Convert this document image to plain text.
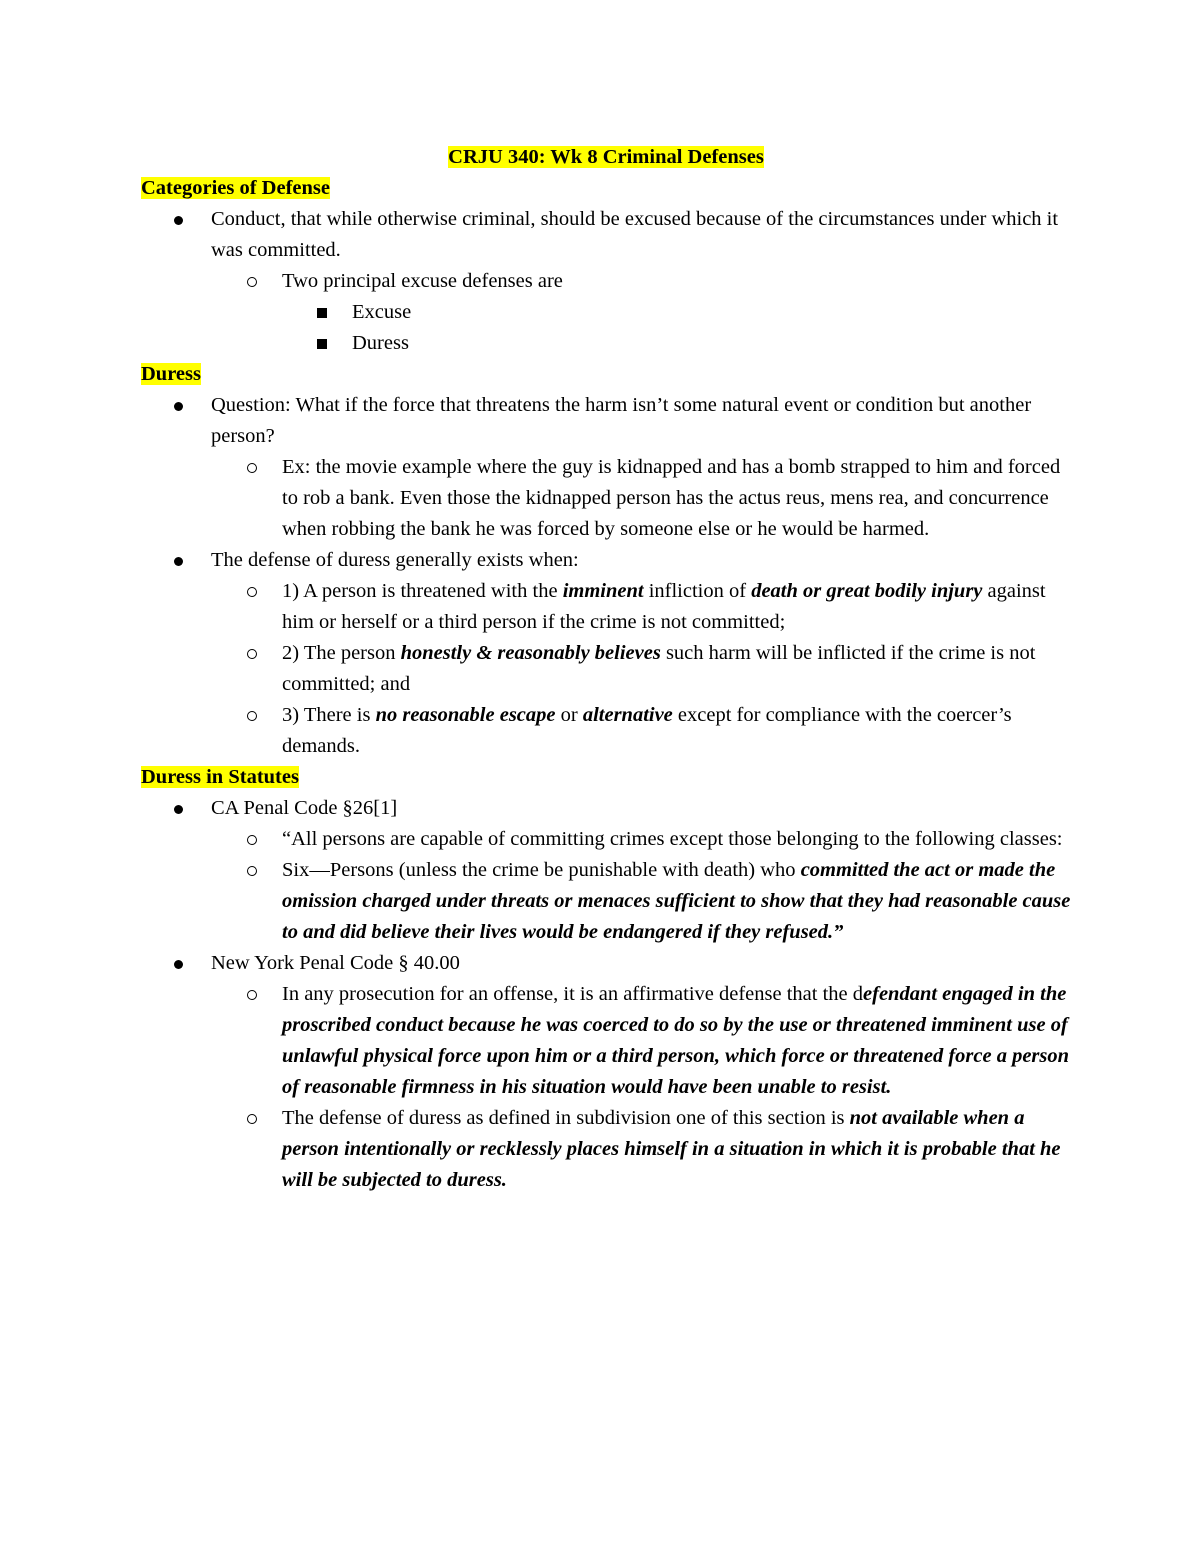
CRJU 340: Wk 8 Criminal Defenses

Categories of Defense

Conduct, that while otherwise criminal, should be excused because of the circumstances under which it was committed.
Two principal excuse defenses are
Excuse
Duress

Duress

Question: What if the force that threatens the harm isn’t some natural event or condition but another person?
Ex: the movie example where the guy is kidnapped and has a bomb strapped to him and forced to rob a bank. Even those the kidnapped person has the actus reus, mens rea, and concurrence when robbing the bank he was forced by someone else or he would be harmed.
The defense of duress generally exists when:
1) A person is threatened with the imminent infliction of death or great bodily injury against him or herself or a third person if the crime is not committed;
2) The person honestly & reasonably believes such harm will be inflicted if the crime is not committed; and
3) There is no reasonable escape or alternative except for compliance with the coercer’s demands.

Duress in Statutes

CA Penal Code §26[1]
“All persons are capable of committing crimes except those belonging to the following classes:
Six—Persons (unless the crime be punishable with death) who committed the act or made the omission charged under threats or menaces sufficient to show that they had reasonable cause to and did believe their lives would be endangered if they refused.”
New York Penal Code § 40.00
In any prosecution for an offense, it is an affirmative defense that the defendant engaged in the proscribed conduct because he was coerced to do so by the use or threatened imminent use of unlawful physical force upon him or a third person, which force or threatened force a person of reasonable firmness in his situation would have been unable to resist.
The defense of duress as defined in subdivision one of this section is not available when a person intentionally or recklessly places himself in a situation in which it is probable that he will be subjected to duress.
